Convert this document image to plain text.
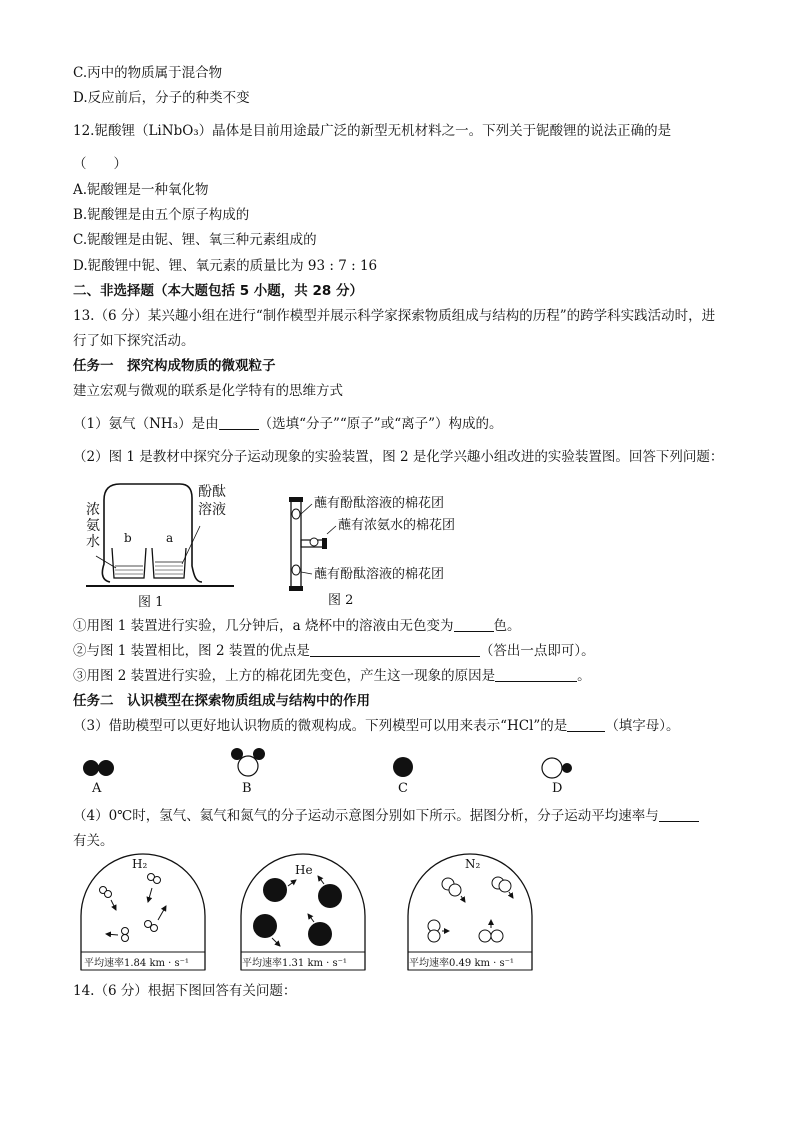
C.丙中的物质属于混合物
D.反应前后，分子的种类不变
12.铌酸锂（LiNbO₃）晶体是目前用途最广泛的新型无机材料之一。下列关于铌酸锂的说法正确的是
（　　）
A.铌酸锂是一种氧化物
B.铌酸锂是由五个原子构成的
C.铌酸锂是由铌、锂、氧三种元素组成的
D.铌酸锂中铌、锂、氧元素的质量比为 93 : 7 : 16
二、非选择题（本大题包括 5 小题，共 28 分）
13.（6 分）某兴趣小组在进行“制作模型并展示科学家探索物质组成与结构的历程”的跨学科实践活动时，进
行了如下探究活动。
任务一　探究构成物质的微观粒子
建立宏观与微观的联系是化学特有的思维方式
（1）氨气（NH₃）是由	（选填“分子”“原子”或“离子”）构成的。
（2）图 1 是教材中探究分子运动现象的实验装置，图 2 是化学兴趣小组改进的实验装置图。回答下列问题：
浓
氨
水
酚酞
溶液
b	a
图 1
蘸有酚酞溶液的棉花团
蘸有浓氨水的棉花团
蘸有酚酞溶液的棉花团
图 2
①用图 1 装置进行实验，几分钟后，a 烧杯中的溶液由无色变为	色。
②与图 1 装置相比，图 2 装置的优点是	（答出一点即可）。
③用图 2 装置进行实验，上方的棉花团先变色，产生这一现象的原因是	。
任务二　认识模型在探索物质组成与结构中的作用
（3）借助模型可以更好地认识物质的微观构成。下列模型可以用来表示“HCl”的是	（填字母）。
A	B	C	D
（4）0℃时，氢气、氦气和氮气的分子运动示意图分别如下所示。据图分析，分子运动平均速率与
有关。
H₂
平均速率1.84 km · s⁻¹
He
平均速率1.31 km · s⁻¹
N₂
平均速率0.49 km · s⁻¹
14.（6 分）根据下图回答有关问题：
